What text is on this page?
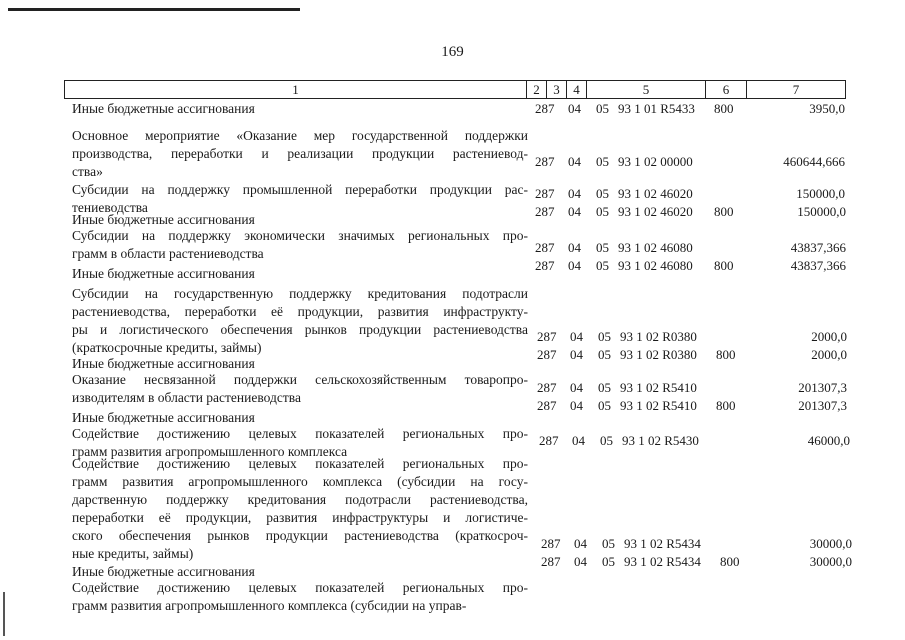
169
1	2	3	4	5	6	7
Иные бюджетные ассигнования	287 04 05 93 1 01 R5433 800	3950,0
Основное мероприятие «Оказание мер государственной поддержки
производства, переработки и реализации продукции растениевод-
ства»
287 04 05 93 1 02 00000	460644,666
Субсидии на поддержку промышленной переработки продукции рас-
тениеводства
287 04 05 93 1 02 46020	150000,0
Иные бюджетные ассигнования
287 04 05 93 1 02 46020 800	150000,0
Субсидии на поддержку экономически значимых региональных про-
грамм в области растениеводства	287 04 05 93 1 02 46080	43837,366
Иные бюджетные ассигнования
287 04 05 93 1 02 46080 800	43837,366
Субсидии на государственную поддержку кредитования подотрасли
растениеводства, переработки её продукции, развития инфраструкту-
ры и логистического обеспечения рынков продукции растениеводства
(краткосрочные кредиты, займы)
287 04 05 93 1 02 R0380	2000,0
Иные бюджетные ассигнования
287 04 05 93 1 02 R0380 800	2000,0
Оказание несвязанной поддержки сельскохозяйственным товаропро-
изводителям в области растениеводства
287 04 05 93 1 02 R5410	201307,3
Иные бюджетные ассигнования
287 04 05 93 1 02 R5410 800	201307,3
Содействие достижению целевых показателей региональных про-
грамм развития агропромышленного комплекса
287 04 05 93 1 02 R5430	46000,0
Содействие достижению целевых показателей региональных про-
грамм развития агропромышленного комплекса (субсидии на госу-
дарственную поддержку кредитования подотрасли растениеводства,
переработки её продукции, развития инфраструктуры и логистиче-
ского обеспечения рынков продукции растениеводства (краткосроч-
ные кредиты, займы)
287 04 05 93 1 02 R5434	30000,0
Иные бюджетные ассигнования
287 04 05 93 1 02 R5434 800	30000,0
Содействие достижению целевых показателей региональных про-
грамм развития агропромышленного комплекса (субсидии на управ-
